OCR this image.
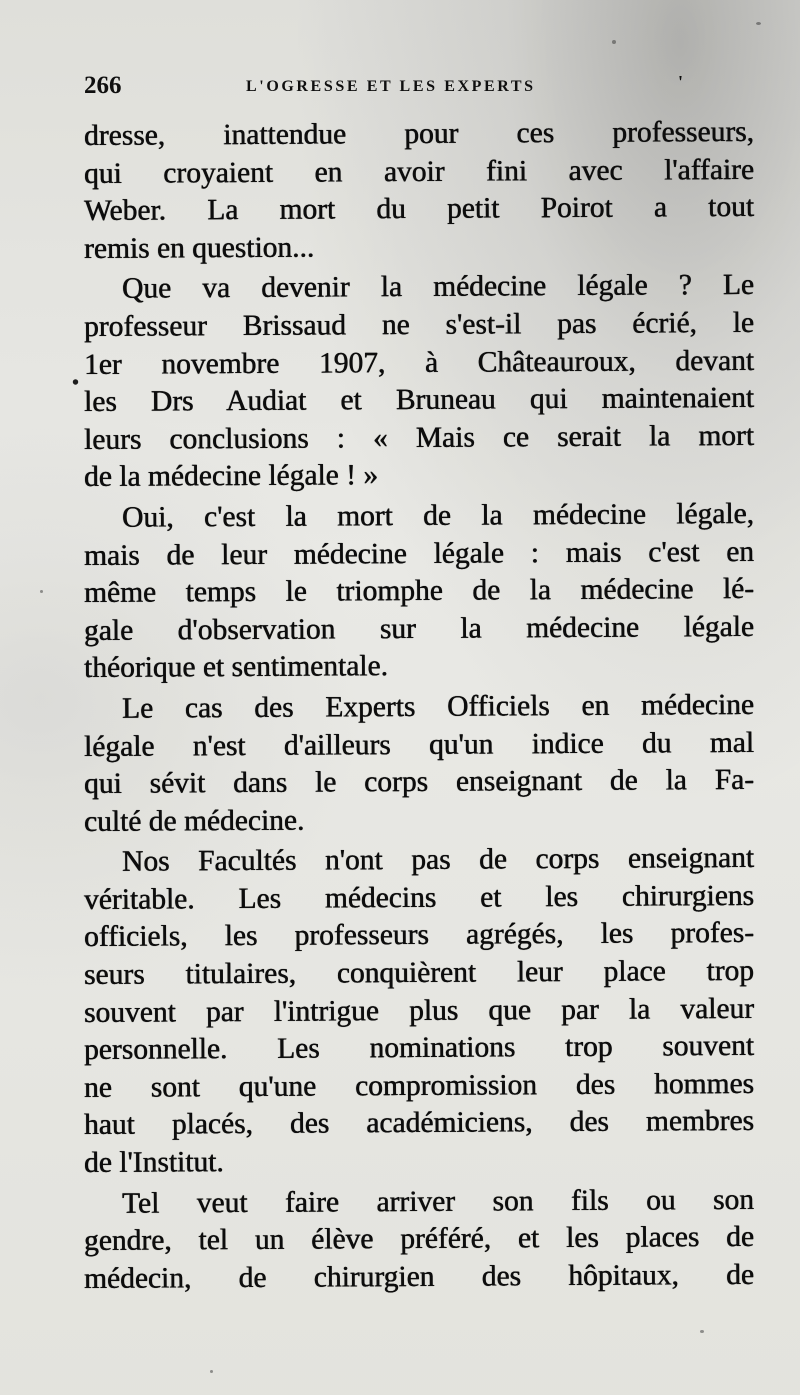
266	L'OGRESSE ET LES EXPERTS	'
•
dresse, inattendue pour ces professeurs,
qui croyaient en avoir fini avec l'affaire
Weber. La mort du petit Poirot a tout
remis en question...
Que va devenir la médecine légale ? Le
professeur Brissaud ne s'est-il pas écrié, le
1er novembre 1907, à Châteauroux, devant
les Drs Audiat et Bruneau qui maintenaient
leurs conclusions : « Mais ce serait la mort
de la médecine légale ! »
Oui, c'est la mort de la médecine légale,
mais de leur médecine légale : mais c'est en
même temps le triomphe de la médecine lé-
gale d'observation sur la médecine légale
théorique et sentimentale.
Le cas des Experts Officiels en médecine
légale n'est d'ailleurs qu'un indice du mal
qui sévit dans le corps enseignant de la Fa-
culté de médecine.
Nos Facultés n'ont pas de corps enseignant
véritable. Les médecins et les chirurgiens
officiels, les professeurs agrégés, les profes-
seurs titulaires, conquièrent leur place trop
souvent par l'intrigue plus que par la valeur
personnelle. Les nominations trop souvent
ne sont qu'une compromission des hommes
haut placés, des académiciens, des membres
de l'Institut.
Tel veut faire arriver son fils ou son
gendre, tel un élève préféré, et les places de
médecin, de chirurgien des hôpitaux, de
